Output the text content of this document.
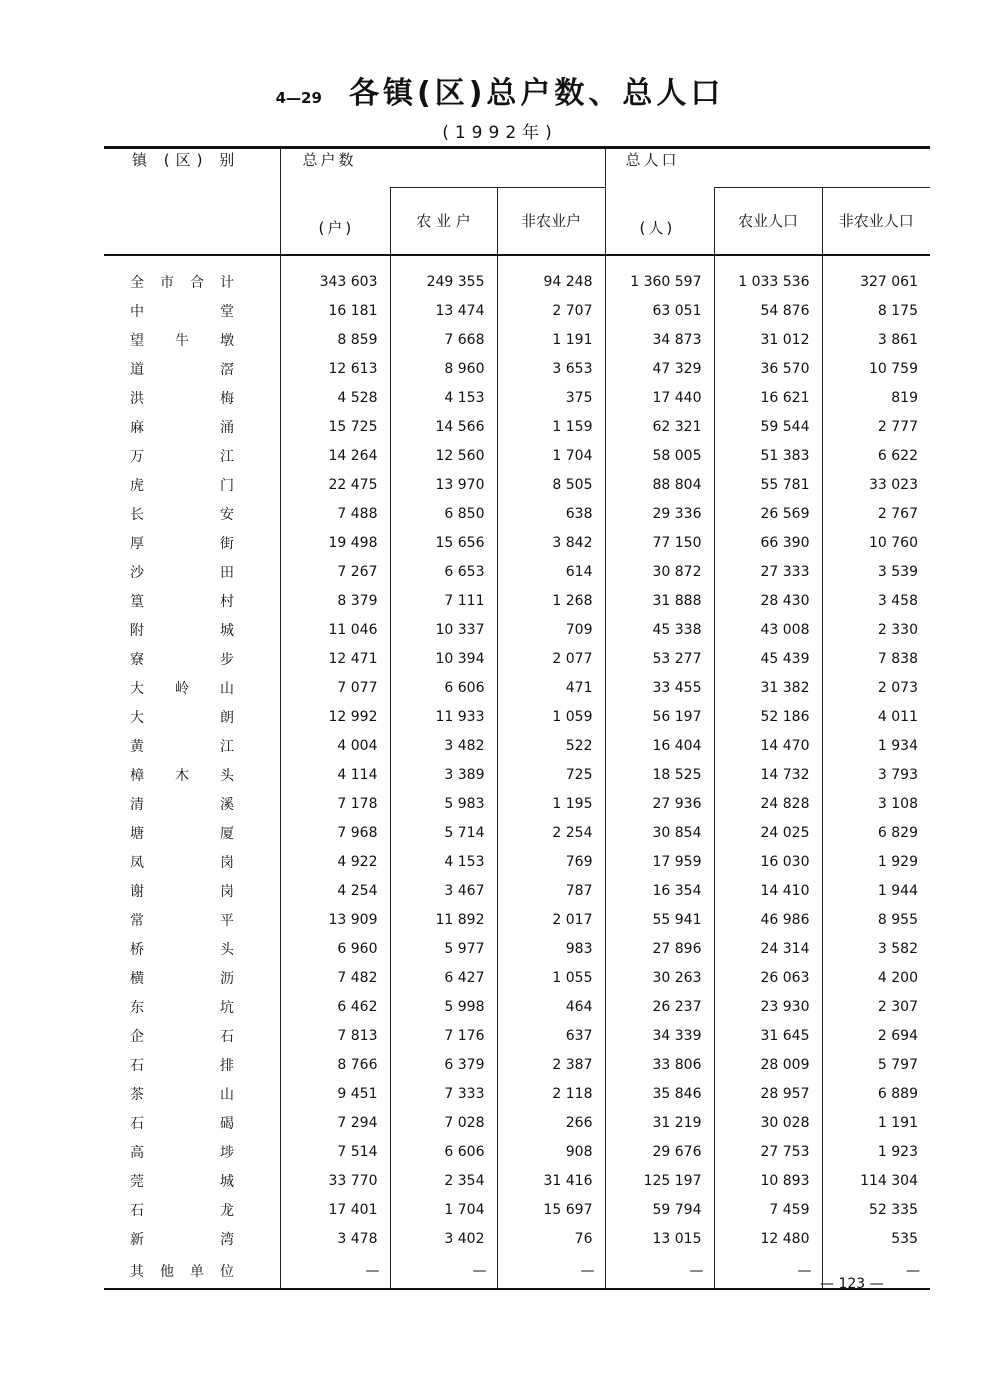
4—29 各镇(区)总户数、总人口
(1992年)
镇 (区) 别	总户数			总人口		
	(户)	农 业 户	非农业户	(人)	农业人口	非农业人口

全 市 合 计	343 603	249 355	94 248	1 360 597	1 033 536	327 061

中 堂	16 181	13 474	2 707	63 051	54 876	8 175

望 牛 墩	8 859	7 668	1 191	34 873	31 012	3 861

道 滘	12 613	8 960	3 653	47 329	36 570	10 759

洪 梅	4 528	4 153	375	17 440	16 621	819

麻 涌	15 725	14 566	1 159	62 321	59 544	2 777

万 江	14 264	12 560	1 704	58 005	51 383	6 622

虎 门	22 475	13 970	8 505	88 804	55 781	33 023

长 安	7 488	6 850	638	29 336	26 569	2 767

厚 街	19 498	15 656	3 842	77 150	66 390	10 760

沙 田	7 267	6 653	614	30 872	27 333	3 539

篁 村	8 379	7 111	1 268	31 888	28 430	3 458

附 城	11 046	10 337	709	45 338	43 008	2 330

寮 步	12 471	10 394	2 077	53 277	45 439	7 838

大 岭 山	7 077	6 606	471	33 455	31 382	2 073

大 朗	12 992	11 933	1 059	56 197	52 186	4 011

黄 江	4 004	3 482	522	16 404	14 470	1 934

樟 木 头	4 114	3 389	725	18 525	14 732	3 793

清 溪	7 178	5 983	1 195	27 936	24 828	3 108

塘 厦	7 968	5 714	2 254	30 854	24 025	6 829

凤 岗	4 922	4 153	769	17 959	16 030	1 929

谢 岗	4 254	3 467	787	16 354	14 410	1 944

常 平	13 909	11 892	2 017	55 941	46 986	8 955

桥 头	6 960	5 977	983	27 896	24 314	3 582

横 沥	7 482	6 427	1 055	30 263	26 063	4 200

东 坑	6 462	5 998	464	26 237	23 930	2 307

企 石	7 813	7 176	637	34 339	31 645	2 694

石 排	8 766	6 379	2 387	33 806	28 009	5 797

茶 山	9 451	7 333	2 118	35 846	28 957	6 889

石 碣	7 294	7 028	266	31 219	30 028	1 191

高 埗	7 514	6 606	908	29 676	27 753	1 923

莞 城	33 770	2 354	31 416	125 197	10 893	114 304

石 龙	17 401	1 704	15 697	59 794	7 459	52 335

新 湾	3 478	3 402	76	13 015	12 480	535

其 他 单 位	—	—	—	—	—	—
— 123 —
